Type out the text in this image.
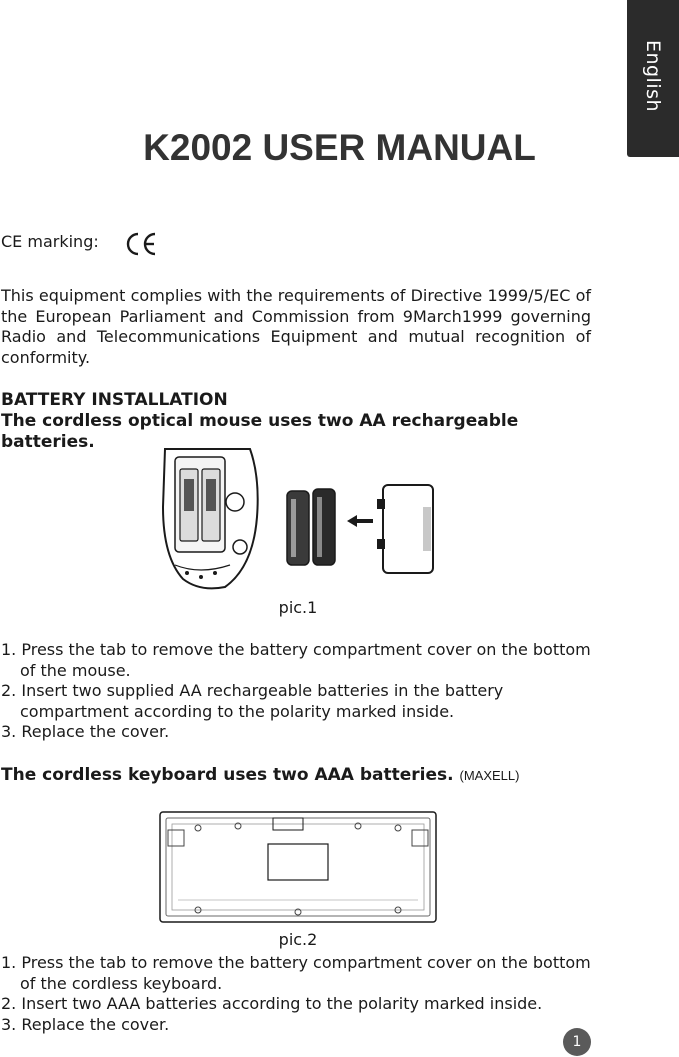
English
K2002 USER MANUAL
CE marking:
This equipment complies with the requirements of Directive 1999/5/EC of the European Parliament and Commission from 9March1999 governing Radio and Telecommunications Equipment and mutual recognition of conformity.
BATTERY INSTALLATION
The cordless optical mouse uses two AA rechargeable batteries.
pic.1
1. Press the tab to remove the battery compartment cover on the bottom of the mouse.
2. Insert two supplied AA rechargeable batteries in the battery compartment according to the polarity marked inside.
3. Replace the cover.
The cordless keyboard uses two AAA batteries. (MAXELL)
pic.2
1. Press the tab to remove the battery compartment cover on the bottom of the cordless keyboard.
2. Insert two AAA batteries according to the polarity marked inside.
3. Replace the cover.
1
